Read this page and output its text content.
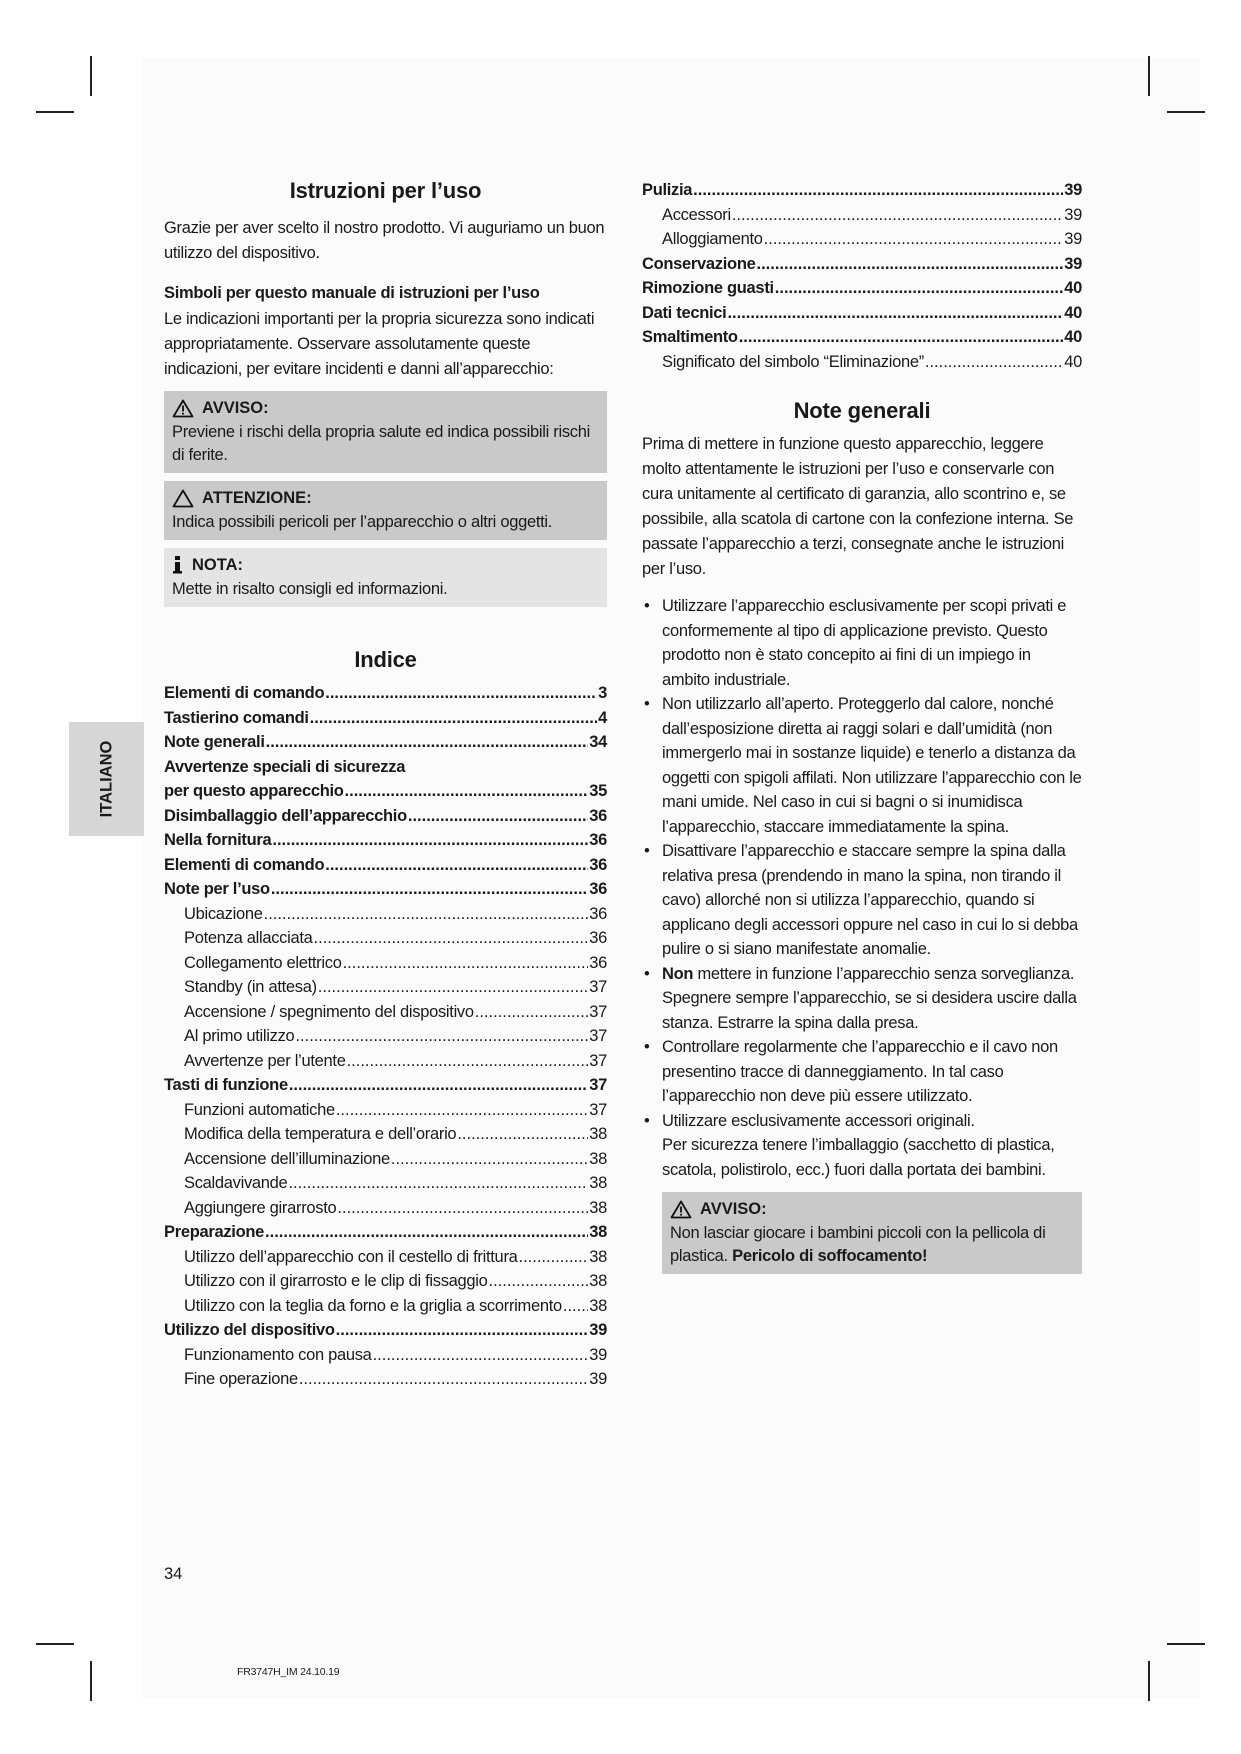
ITALIANO
Istruzioni per l’uso

Grazie per aver scelto il nostro prodotto. Vi auguriamo un buon utilizzo del dispositivo.

Simboli per questo manuale di istruzioni per l’uso

Le indicazioni importanti per la propria sicurezza sono indicati appropriatamente. Osservare assolutamente queste indicazioni, per evitare incidenti e danni all’apparecchio:

AVVISO:
Previene i rischi della propria salute ed indica possibili rischi di ferite.
ATTENZIONE:
Indica possibili pericoli per l’apparecchio o altri oggetti.
NOTA:
Mette in risalto consigli ed informazioni.
Indice
Elementi di comando .....	3
Tastierino comandi .....	4
Note generali .....	34
Avvertenze speciali di sicurezza
per questo apparecchio .....	35
Disimballaggio dell’apparecchio .....	36
Nella fornitura .....	36
Elementi di comando .....	36
Note per l’uso .....	36
Ubicazione .....	36
Potenza allacciata .....	36
Collegamento elettrico .....	36
Standby (in attesa) .....	37
Accensione / spegnimento del dispositivo .....	37
Al primo utilizzo .....	37
Avvertenze per l’utente .....	37
Tasti di funzione .....	37
Funzioni automatiche .....	37
Modifica della temperatura e dell’orario .....	38
Accensione dell’illuminazione .....	38
Scaldavivande .....	38
Aggiungere girarrosto .....	38
Preparazione .....	38
Utilizzo dell’apparecchio con il cestello di frittura .....	38
Utilizzo con il girarrosto e le clip di fissaggio .....	38
Utilizzo con la teglia da forno e la griglia a scorrimento ..... 38
Utilizzo del dispositivo .....	39
Funzionamento con pausa .....	39
Fine operazione .....	39
Pulizia .....	39
Accessori .....	39
Alloggiamento .....	39
Conservazione .....	39
Rimozione guasti .....	40
Dati tecnici .....	40
Smaltimento .....	40
Significato del simbolo “Eliminazione” .....	40
Note generali

Prima di mettere in funzione questo apparecchio, leggere molto attentamente le istruzioni per l’uso e conservarle con cura unitamente al certificato di garanzia, allo scontrino e, se possibile, alla scatola di cartone con la confezione interna. Se passate l’apparecchio a terzi, consegnate anche le istruzioni per l’uso.

• Utilizzare l’apparecchio esclusivamente per scopi privati e conformemente al tipo di applicazione previsto. Questo prodotto non è stato concepito ai fini di un impiego in ambito industriale.
• Non utilizzarlo all’aperto. Proteggerlo dal calore, nonché dall’esposizione diretta ai raggi solari e dall’umidità (non immergerlo mai in sostanze liquide) e tenerlo a distanza da oggetti con spigoli affilati. Non utilizzare l’apparecchio con le mani umide. Nel caso in cui si bagni o si inumidisca l’apparecchio, staccare immediatamente la spina.
• Disattivare l’apparecchio e staccare sempre la spina dalla relativa presa (prendendo in mano la spina, non tirando il cavo) allorché non si utilizza l’apparecchio, quando si applicano degli accessori oppure nel caso in cui lo si debba pulire o si siano manifestate anomalie.
• Non mettere in funzione l’apparecchio senza sorveglianza. Spegnere sempre l’apparecchio, se si desidera uscire dalla stanza. Estrarre la spina dalla presa.
• Controllare regolarmente che l’apparecchio e il cavo non presentino tracce di danneggiamento. In tal caso l’apparecchio non deve più essere utilizzato.
• Utilizzare esclusivamente accessori originali.
Per sicurezza tenere l’imballaggio (sacchetto di plastica, scatola, polistirolo, ecc.) fuori dalla portata dei bambini.
AVVISO:
Non lasciar giocare i bambini piccoli con la pellicola di plastica. Pericolo di soffocamento!
34
FR3747H_IM 24.10.19
